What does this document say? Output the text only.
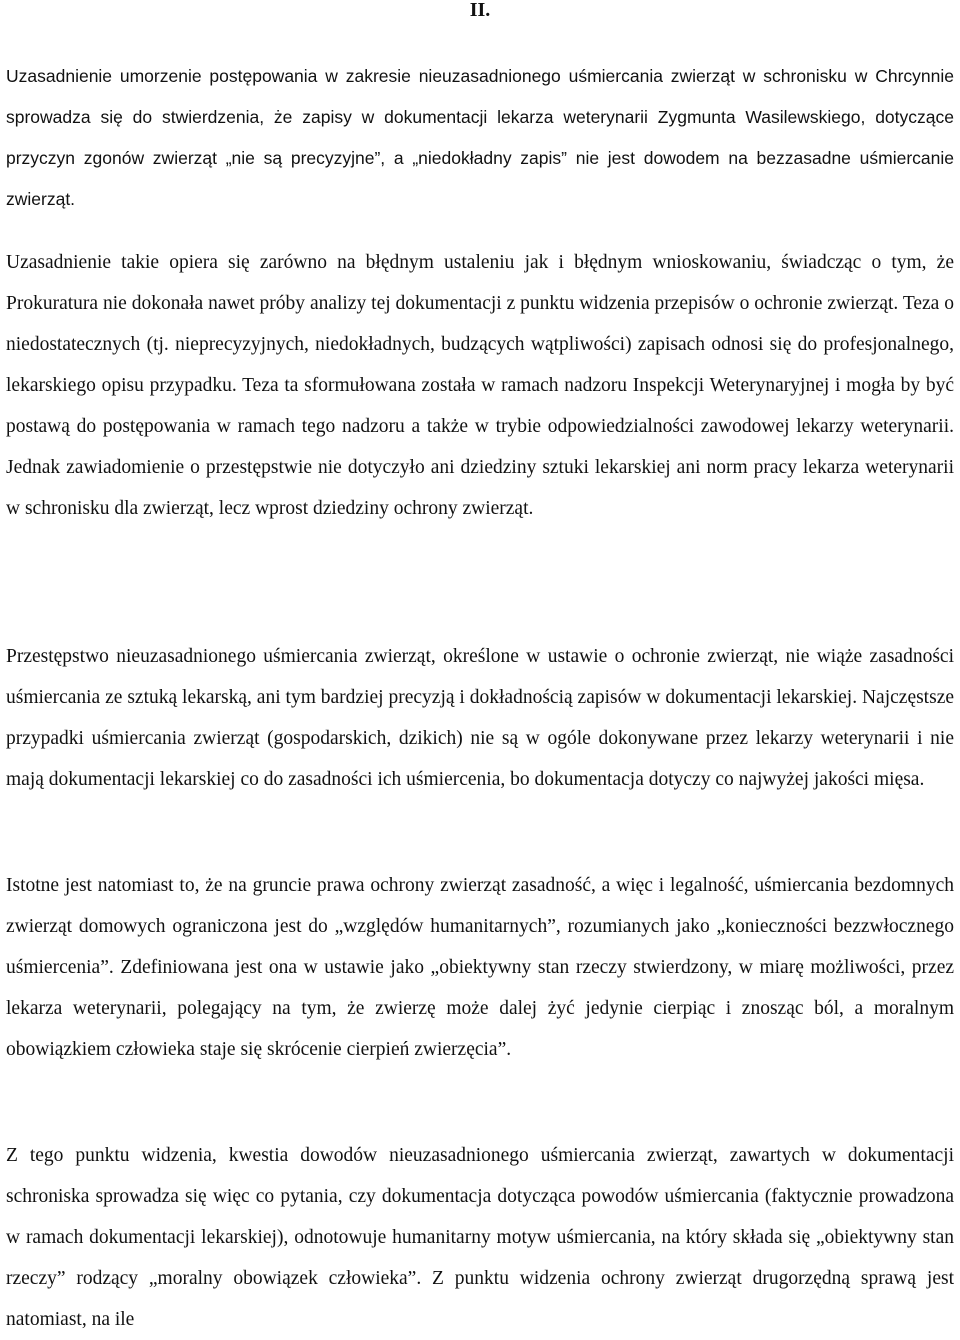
II.

Uzasadnienie umorzenie postępowania w zakresie nieuzasadnionego uśmiercania zwierząt w schronisku w Chrcynnie sprowadza się do stwierdzenia, że zapisy w dokumentacji lekarza weterynarii Zygmunta Wasilewskiego, dotyczące przyczyn zgonów zwierząt „nie są precyzyjne”, a „niedokładny zapis” nie jest dowodem na bezzasadne uśmiercanie zwierząt.

Uzasadnienie takie opiera się zarówno na błędnym ustaleniu jak i błędnym wnioskowaniu, świadcząc o tym, że Prokuratura nie dokonała nawet próby analizy tej dokumentacji z punktu widzenia przepisów o ochronie zwierząt. Teza o niedostatecznych (tj. nieprecyzyjnych, niedokładnych, budzących wątpliwości) zapisach odnosi się do profesjonalnego, lekarskiego opisu przypadku. Teza ta sformułowana została w ramach nadzoru Inspekcji Weterynaryjnej i mogła by być postawą do postępowania w ramach tego nadzoru a także w trybie odpowiedzialności zawodowej lekarzy weterynarii. Jednak zawiadomienie o przestępstwie nie dotyczyło ani dziedziny sztuki lekarskiej ani norm pracy lekarza weterynarii w schronisku dla zwierząt, lecz wprost dziedziny ochrony zwierząt.

Przestępstwo nieuzasadnionego uśmiercania zwierząt, określone w ustawie o ochronie zwierząt, nie wiąże zasadności uśmiercania ze sztuką lekarską, ani tym bardziej precyzją i dokładnością zapisów w dokumentacji lekarskiej. Najczęstsze przypadki uśmiercania zwierząt (gospodarskich, dzikich) nie są w ogóle dokonywane przez lekarzy weterynarii i nie mają dokumentacji lekarskiej co do zasadności ich uśmiercenia, bo dokumentacja dotyczy co najwyżej jakości mięsa.

Istotne jest natomiast to, że na gruncie prawa ochrony zwierząt zasadność, a więc i legalność, uśmiercania bezdomnych zwierząt domowych ograniczona jest do „względów humanitarnych”, rozumianych jako „konieczności bezzwłocznego uśmiercenia”. Zdefiniowana jest ona w ustawie jako „obiektywny stan rzeczy stwierdzony, w miarę możliwości, przez lekarza weterynarii, polegający na tym, że zwierzę może dalej żyć jedynie cierpiąc i znosząc ból, a moralnym obowiązkiem człowieka staje się skrócenie cierpień zwierzęcia”.

Z tego punktu widzenia, kwestia dowodów nieuzasadnionego uśmiercania zwierząt, zawartych w dokumentacji schroniska sprowadza się więc co pytania, czy dokumentacja dotycząca powodów uśmiercania (faktycznie prowadzona w ramach dokumentacji lekarskiej), odnotowuje humanitarny motyw uśmiercania, na który składa się „obiektywny stan rzeczy” rodzący „moralny obowiązek człowieka”. Z punktu widzenia ochrony zwierząt drugorzędną sprawą jest natomiast, na ile
